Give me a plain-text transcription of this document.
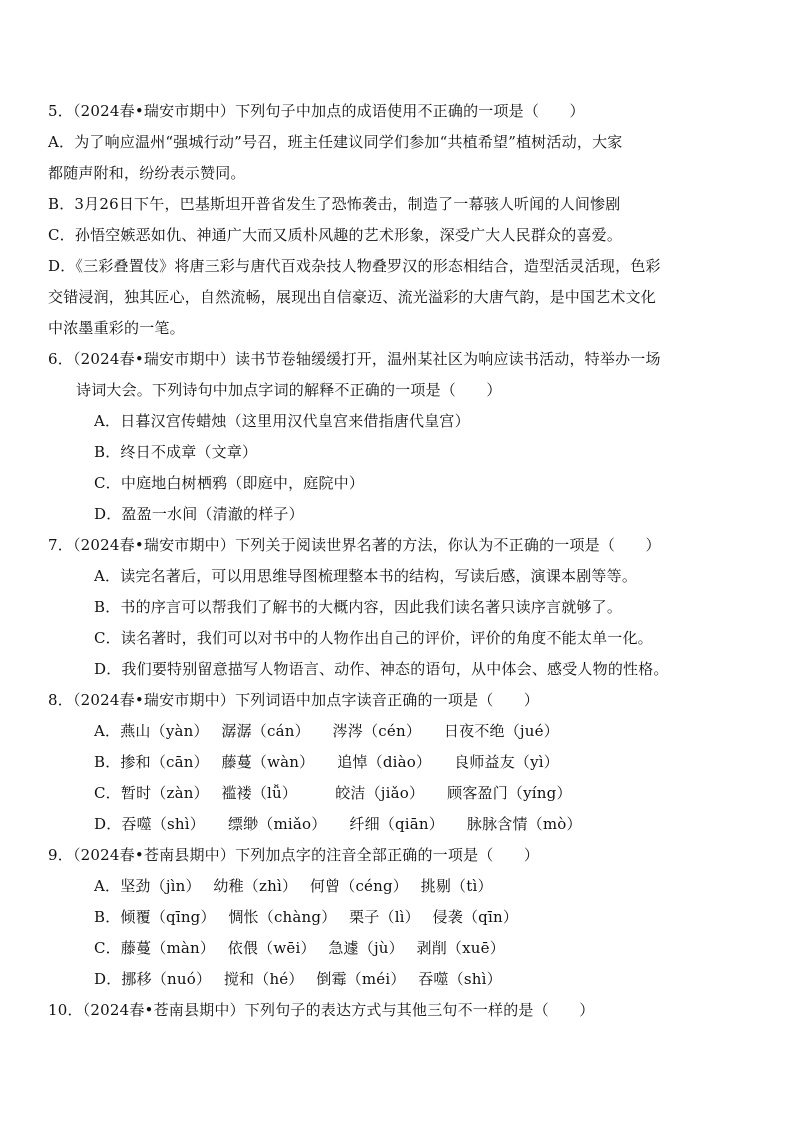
5．（2024春•瑞安市期中）下列句子中加点的成语使用不正确的一项是（　　）
A．为了响应温州“强城行动”号召，班主任建议同学们参加“共植希望”植树活动，大家
都随声附和，纷纷表示赞同。
B．3月26日下午，巴基斯坦开普省发生了恐怖袭击，制造了一幕骇人听闻的人间惨剧
C．孙悟空嫉恶如仇、神通广大而又质朴风趣的艺术形象，深受广大人民群众的喜爱。
D．《三彩叠置伎》将唐三彩与唐代百戏杂技人物叠罗汉的形态相结合，造型活灵活现，色彩
交错浸润，独其匠心，自然流畅，展现出自信豪迈、流光溢彩的大唐气韵，是中国艺术文化
中浓墨重彩的一笔。
6．（2024春•瑞安市期中）读书节卷轴缓缓打开，温州某社区为响应读书活动，特举办一场
诗词大会。下列诗句中加点字词的解释不正确的一项是（　　）
A．日暮汉宫传蜡烛（这里用汉代皇宫来借指唐代皇宫）
B．终日不成章（文章）
C．中庭地白树栖鸦（即庭中，庭院中）
D．盈盈一水间（清澈的样子）
7．（2024春•瑞安市期中）下列关于阅读世界名著的方法，你认为不正确的一项是（　　）
A．读完名著后，可以用思维导图梳理整本书的结构，写读后感，演课本剧等等。
B．书的序言可以帮我们了解书的大概内容，因此我们读名著只读序言就够了。
C．读名著时，我们可以对书中的人物作出自己的评价，评价的角度不能太单一化。
D．我们要特别留意描写人物语言、动作、神态的语句，从中体会、感受人物的性格。
8．（2024春•瑞安市期中）下列词语中加点字读音正确的一项是（　　）
A．燕山（yàn）　 潺潺（cán）　　涔涔（cén）　　日夜不绝（jué）
B．掺和（cān）　 藤蔓（wàn）　　追悼（diào）　　良师益友（yì）
C．暂时（zàn）　 褴褛（lǚ）　　　皎洁（jiǎo）　　顾客盈门（yíng）
D．吞噬（shì）　　缥缈（miǎo）　　纤细（qiān）　　脉脉含情（mò）
9．（2024春•苍南县期中）下列加点字的注音全部正确的一项是（　　）
A．坚劲（jìn）　 幼稚（zhì）　 何曾（céng）　 挑剔（tì）
B．倾覆（qīng）　 惆怅（chàng）　 栗子（lì）　 侵袭（qīn）
C．藤蔓（màn）　 依偎（wēi）　 急遽（jù）　 剥削（xuē）
D．挪移（nuó）　 搅和（hé）　 倒霉（méi）　 吞噬（shì）
10．（2024春•苍南县期中）下列句子的表达方式与其他三句不一样的是（　　）
